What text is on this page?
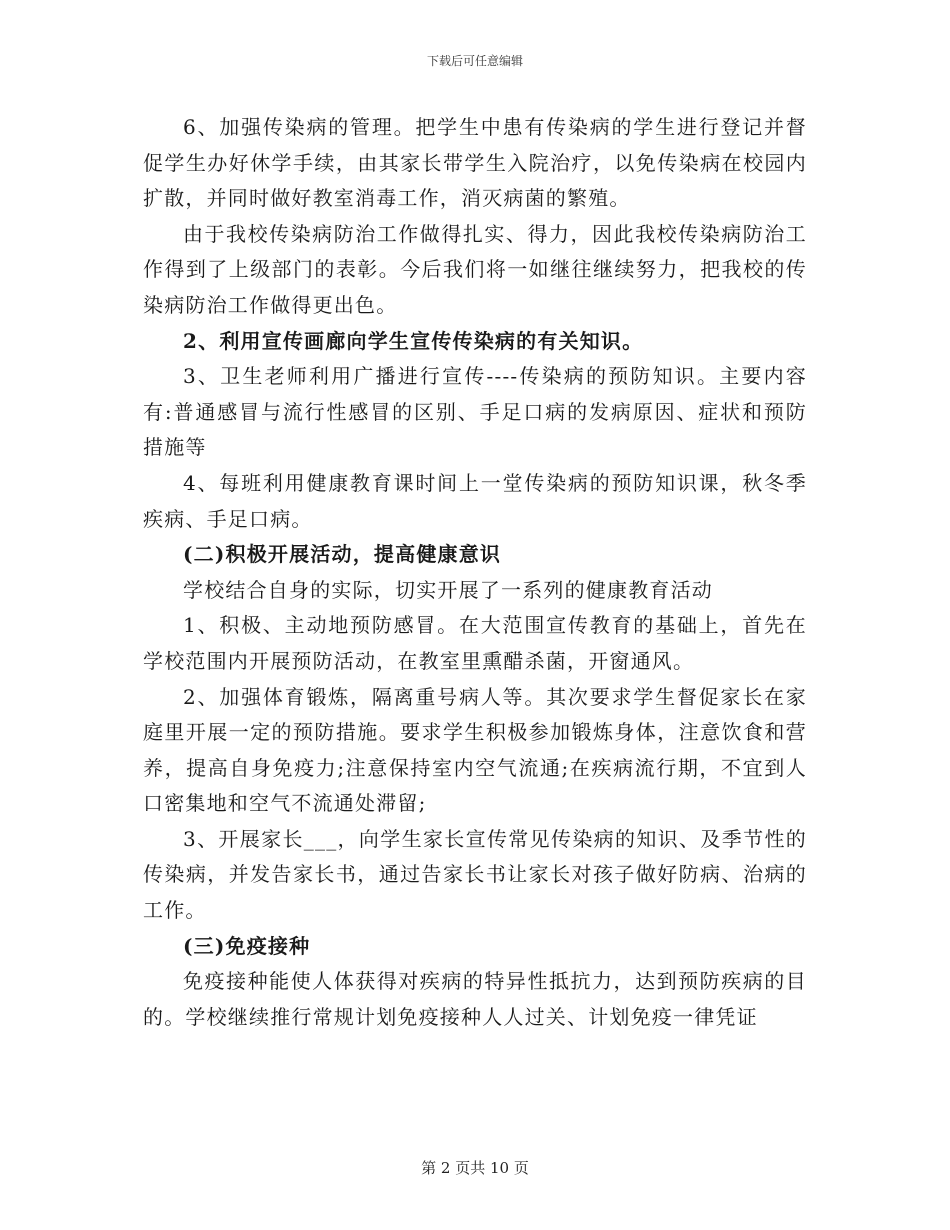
下载后可任意编辑

6、加强传染病的管理。把学生中患有传染病的学生进行登记并督促学生办好休学手续，由其家长带学生入院治疗，以免传染病在校园内扩散，并同时做好教室消毒工作，消灭病菌的繁殖。

由于我校传染病防治工作做得扎实、得力，因此我校传染病防治工作得到了上级部门的表彰。今后我们将一如继往继续努力，把我校的传染病防治工作做得更出色。

2、利用宣传画廊向学生宣传传染病的有关知识。

3、卫生老师利用广播进行宣传----传染病的预防知识。主要内容有:普通感冒与流行性感冒的区别、手足口病的发病原因、症状和预防措施等

4、每班利用健康教育课时间上一堂传染病的预防知识课，秋冬季疾病、手足口病。

(二)积极开展活动，提高健康意识

学校结合自身的实际，切实开展了一系列的健康教育活动

1、积极、主动地预防感冒。在大范围宣传教育的基础上，首先在学校范围内开展预防活动，在教室里熏醋杀菌，开窗通风。

2、加强体育锻炼，隔离重号病人等。其次要求学生督促家长在家庭里开展一定的预防措施。要求学生积极参加锻炼身体，注意饮食和营养，提高自身免疫力;注意保持室内空气流通;在疾病流行期，不宜到人口密集地和空气不流通处滞留;

3、开展家长___，向学生家长宣传常见传染病的知识、及季节性的传染病，并发告家长书，通过告家长书让家长对孩子做好防病、治病的工作。

(三)免疫接种

免疫接种能使人体获得对疾病的特异性抵抗力，达到预防疾病的目的。学校继续推行常规计划免疫接种人人过关、计划免疫一律凭证

第 2 页共 10 页
